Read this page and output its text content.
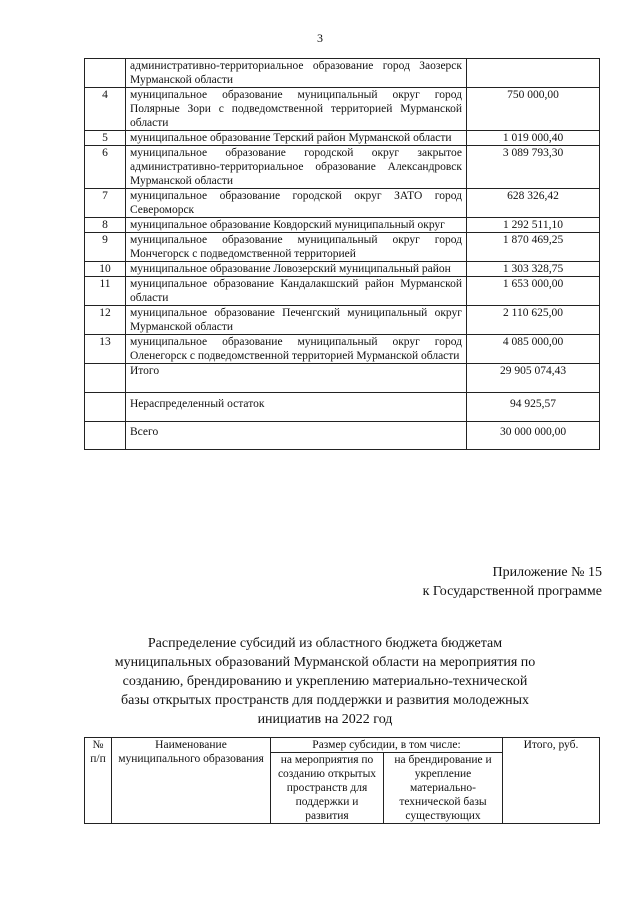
3
	административно-территориальное образование город Заозерск Мурманской области	
4	муниципальное образование муниципальный округ город Полярные Зори с подведомственной территорией Мурманской области	750 000,00
5	муниципальное образование Терский район Мурманской области	1 019 000,40
6	муниципальное образование городской округ закрытое административно-территориальное образование Александровск Мурманской области	3 089 793,30
7	муниципальное образование городской округ ЗАТО город Североморск	628 326,42
8	муниципальное образование Ковдорский муниципальный округ	1 292 511,10
9	муниципальное образование муниципальный округ город Мончегорск с подведомственной территорией	1 870 469,25
10	муниципальное образование Ловозерский муниципальный район	1 303 328,75
11	муниципальное образование Кандалакшский район Мурманской области	1 653 000,00
12	муниципальное образование Печенгский муниципальный округ Мурманской области	2 110 625,00
13	муниципальное образование муниципальный округ город Оленегорск с подведомственной территорией Мурманской области	4 085 000,00
	Итого	29 905 074,43
	Нераспределенный остаток	94 925,57
	Всего	30 000 000,00
Приложение № 15
к Государственной программе
Распределение субсидий из областного бюджета бюджетам муниципальных образований Мурманской области на мероприятия по созданию, брендированию и укреплению материально-технической базы открытых пространств для поддержки и развития молодежных инициатив на 2022 год
№ п/п	Наименование муниципального образования	Размер субсидии, в том числе:		Итого, руб.
		на мероприятия по созданию открытых пространств для поддержки и развития	на брендирование и укрепление материально-технической базы существующих	
